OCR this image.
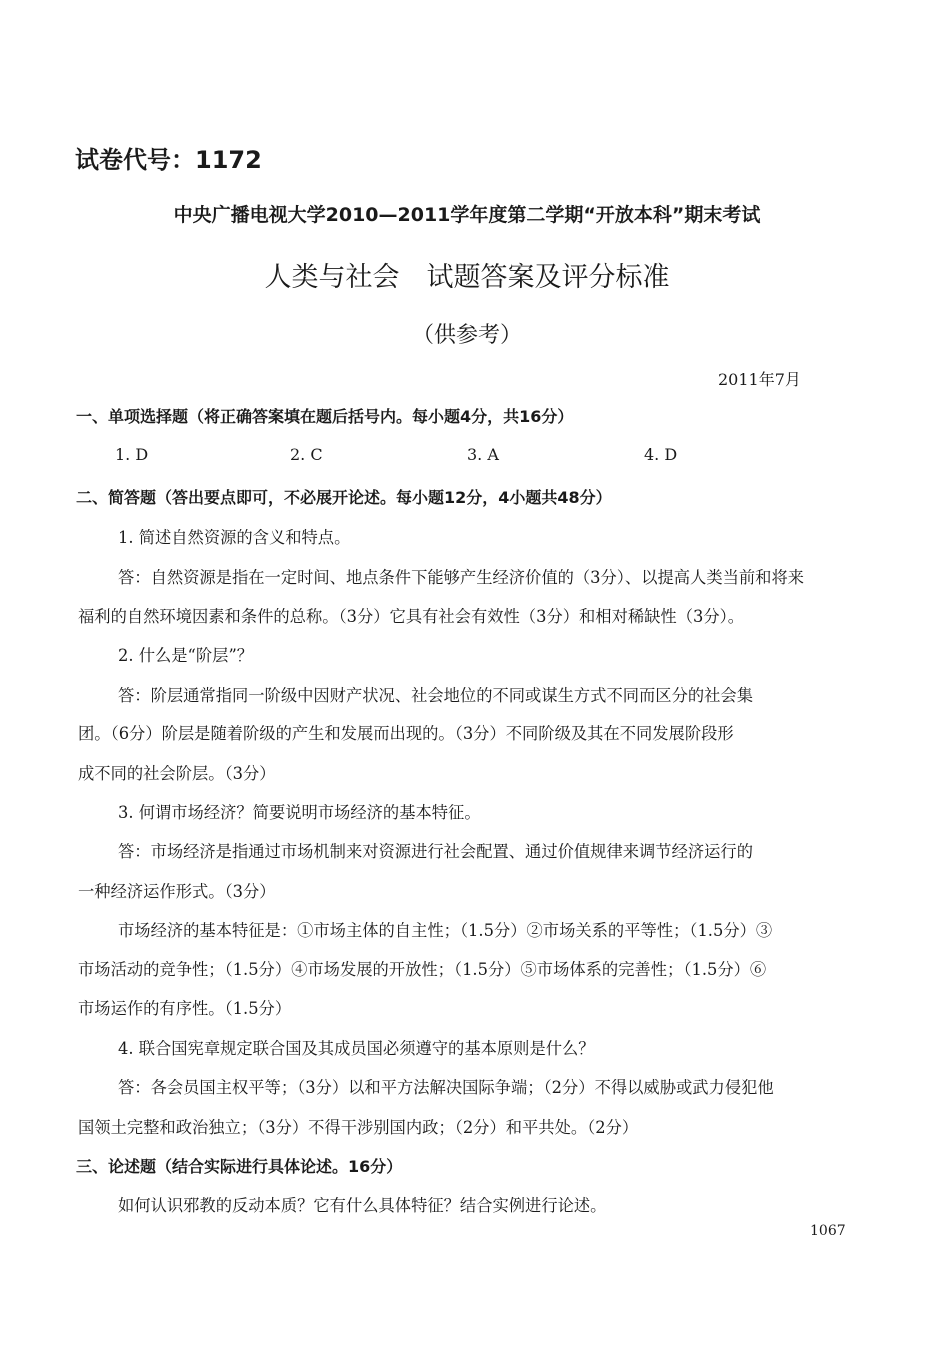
试卷代号：1172
中央广播电视大学2010—2011学年度第二学期“开放本科”期末考试
人类与社会　试题答案及评分标准
（供参考）
2011年7月
一、单项选择题（将正确答案填在题后括号内。每小题4分，共16分）
1. D	2. C	3. A	4. D
二、简答题（答出要点即可，不必展开论述。每小题12分，4小题共48分）
1. 简述自然资源的含义和特点。
答：自然资源是指在一定时间、地点条件下能够产生经济价值的（3分）、以提高人类当前和将来
福利的自然环境因素和条件的总称。（3分）它具有社会有效性（3分）和相对稀缺性（3分）。
2. 什么是“阶层”？
答：阶层通常指同一阶级中因财产状况、社会地位的不同或谋生方式不同而区分的社会集
团。（6分）阶层是随着阶级的产生和发展而出现的。（3分）不同阶级及其在不同发展阶段形
成不同的社会阶层。（3分）
3. 何谓市场经济？简要说明市场经济的基本特征。
答：市场经济是指通过市场机制来对资源进行社会配置、通过价值规律来调节经济运行的
一种经济运作形式。（3分）
市场经济的基本特征是：①市场主体的自主性；（1.5分）②市场关系的平等性；（1.5分）③
市场活动的竞争性；（1.5分）④市场发展的开放性；（1.5分）⑤市场体系的完善性；（1.5分）⑥
市场运作的有序性。（1.5分）
4. 联合国宪章规定联合国及其成员国必须遵守的基本原则是什么？
答：各会员国主权平等；（3分）以和平方法解决国际争端；（2分）不得以威胁或武力侵犯他
国领土完整和政治独立；（3分）不得干涉别国内政；（2分）和平共处。（2分）
三、论述题（结合实际进行具体论述。16分）
如何认识邪教的反动本质？它有什么具体特征？结合实例进行论述。
1067
